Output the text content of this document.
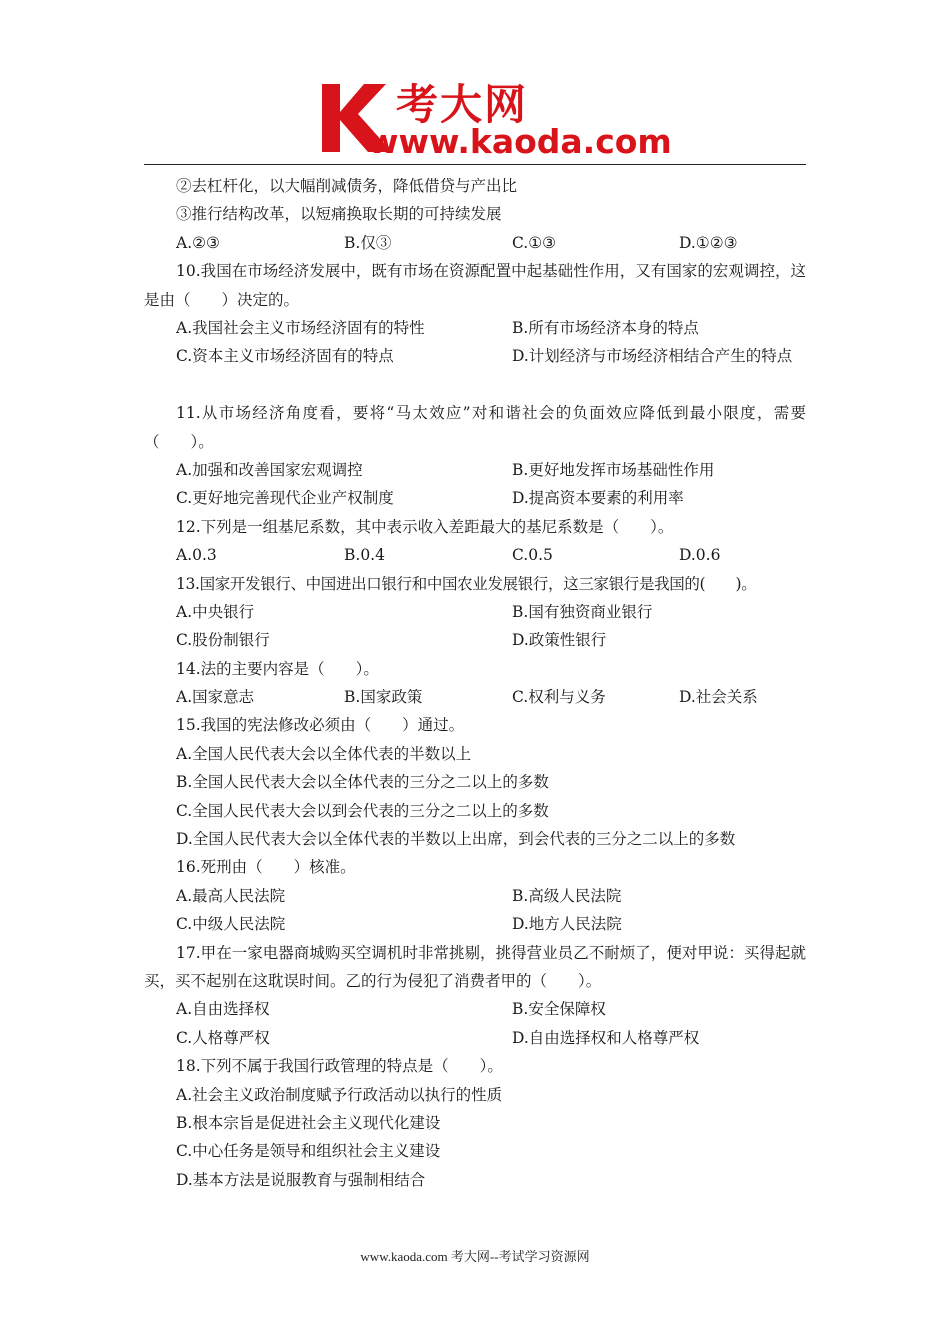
考大网
www.kaoda.com
②去杠杆化，以大幅削减债务，降低借贷与产出比
③推行结构改革，以短痛换取长期的可持续发展
A.②③	B.仅③	C.①③	D.①②③
10.我国在市场经济发展中，既有市场在资源配置中起基础性作用，又有国家的宏观调控，这是由（　　）决定的。
A.我国社会主义市场经济固有的特性	B.所有市场经济本身的特点
C.资本主义市场经济固有的特点	D.计划经济与市场经济相结合产生的特点
11.从市场经济角度看，要将“马太效应”对和谐社会的负面效应降低到最小限度，需要（　　）。
A.加强和改善国家宏观调控	B.更好地发挥市场基础性作用
C.更好地完善现代企业产权制度	D.提高资本要素的利用率
12.下列是一组基尼系数，其中表示收入差距最大的基尼系数是（　　）。
A.0.3	B.0.4	C.0.5	D.0.6
13.国家开发银行、中国进出口银行和中国农业发展银行，这三家银行是我国的(　　)。
A.中央银行	B.国有独资商业银行
C.股份制银行	D.政策性银行
14.法的主要内容是（　　）。
A.国家意志	B.国家政策	C.权利与义务	D.社会关系
15.我国的宪法修改必须由（　　）通过。
A.全国人民代表大会以全体代表的半数以上
B.全国人民代表大会以全体代表的三分之二以上的多数
C.全国人民代表大会以到会代表的三分之二以上的多数
D.全国人民代表大会以全体代表的半数以上出席，到会代表的三分之二以上的多数
16.死刑由（　　）核准。
A.最高人民法院	B.高级人民法院
C.中级人民法院	D.地方人民法院
17.甲在一家电器商城购买空调机时非常挑剔，挑得营业员乙不耐烦了，便对甲说：买得起就买，买不起别在这耽误时间。乙的行为侵犯了消费者甲的（　　）。
A.自由选择权	B.安全保障权
C.人格尊严权	D.自由选择权和人格尊严权
18.下列不属于我国行政管理的特点是（　　）。
A.社会主义政治制度赋予行政活动以执行的性质
B.根本宗旨是促进社会主义现代化建设
C.中心任务是领导和组织社会主义建设
D.基本方法是说服教育与强制相结合
www.kaoda.com 考大网--考试学习资源网
